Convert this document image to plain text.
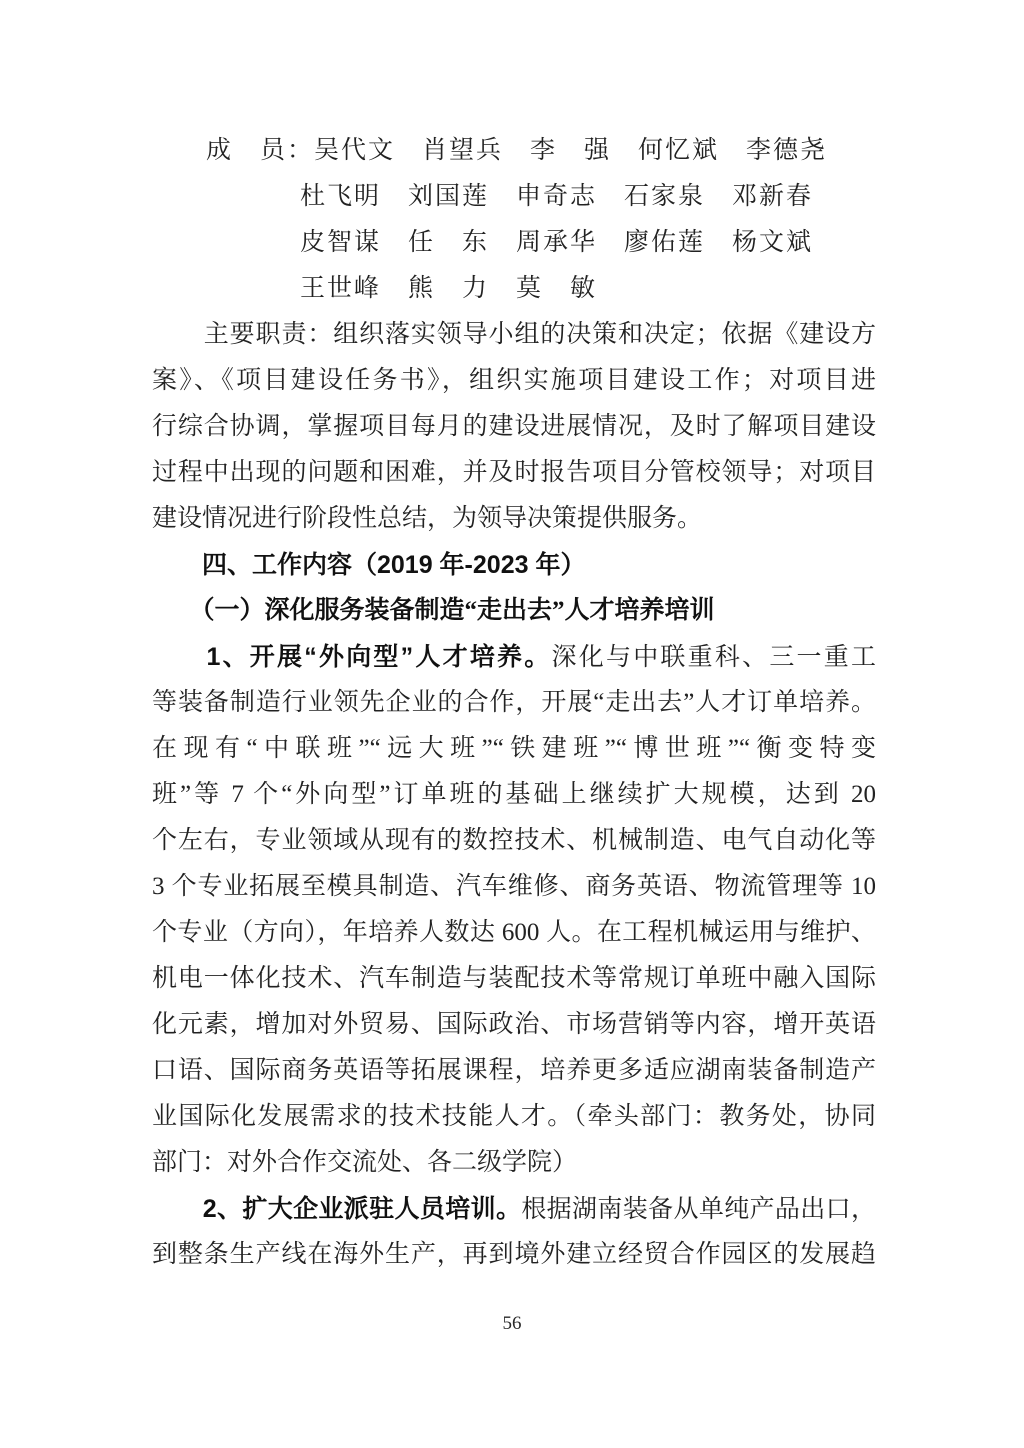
　　成　员：吴代文　肖望兵　李　强　何忆斌　李德尧
杜飞明　刘国莲　申奇志　石家泉　邓新春
皮智谋　任　东　周承华　廖佑莲　杨文斌
王世峰　熊　力　莫　敏
　　主要职责：组织落实领导小组的决策和决定；依据《建设方
案》、《项目建设任务书》，组织实施项目建设工作；对项目进
行综合协调，掌握项目每月的建设进展情况，及时了解项目建设
过程中出现的问题和困难，并及时报告项目分管校领导；对项目
建设情况进行阶段性总结，为领导决策提供服务。
　　四、工作内容（2019 年-2023 年）
　　（一）深化服务装备制造“走出去”人才培养培训
　　1、开展“外向型”人才培养。深化与中联重科、三一重工
等装备制造行业领先企业的合作，开展“走出去”人才订单培养。
在现有“中联班”“远大班”“铁建班”“博世班”“衡变特变
班”等 7 个“外向型”订单班的基础上继续扩大规模，达到 20
个左右，专业领域从现有的数控技术、机械制造、电气自动化等
3 个专业拓展至模具制造、汽车维修、商务英语、物流管理等 10
个专业（方向），年培养人数达 600 人。在工程机械运用与维护、
机电一体化技术、汽车制造与装配技术等常规订单班中融入国际
化元素，增加对外贸易、国际政治、市场营销等内容，增开英语
口语、国际商务英语等拓展课程，培养更多适应湖南装备制造产
业国际化发展需求的技术技能人才。（牵头部门：教务处，协同
部门：对外合作交流处、各二级学院）
　　2、扩大企业派驻人员培训。根据湖南装备从单纯产品出口，
到整条生产线在海外生产，再到境外建立经贸合作园区的发展趋
56
